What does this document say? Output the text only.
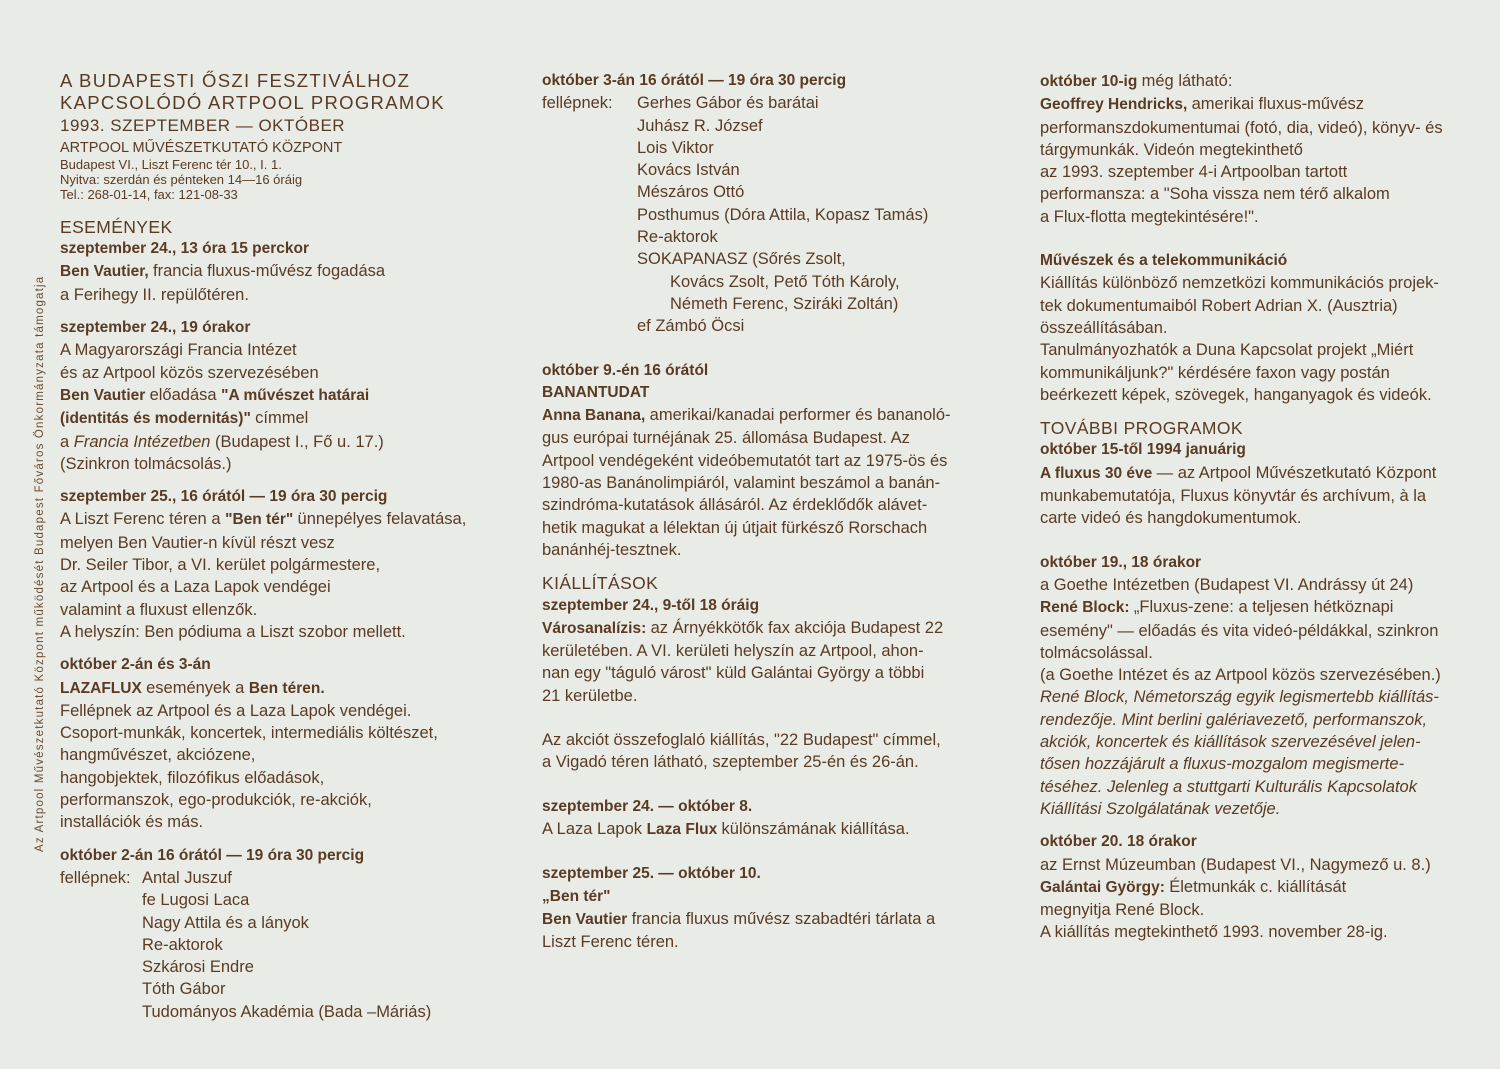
Az Artpool Művészetkutató Központ működését Budapest Főváros Önkormányzata támogatja
A BUDAPESTI ŐSZI FESZTIVÁLHOZ
KAPCSOLÓDÓ ARTPOOL PROGRAMOK
1993. SZEPTEMBER — OKTÓBER
ARTPOOL MŰVÉSZETKUTATÓ KÖZPONT
Budapest VI., Liszt Ferenc tér 10., I. 1.
Nyitva: szerdán és pénteken 14—16 óráig
Tel.: 268-01-14, fax: 121-08-33
ESEMÉNYEK
szeptember 24., 13 óra 15 perckor
Ben Vautier, francia fluxus-művész fogadása
a Ferihegy II. repülőtéren.
szeptember 24., 19 órakor
A Magyarországi Francia Intézet
és az Artpool közös szervezésében
Ben Vautier előadása "A művészet határai
(identitás és modernitás)" címmel
a Francia Intézetben (Budapest I., Fő u. 17.)
(Szinkron tolmácsolás.)
szeptember 25., 16 órától — 19 óra 30 percig
A Liszt Ferenc téren a "Ben tér" ünnepélyes felavatása,
melyen Ben Vautier-n kívül részt vesz
Dr. Seiler Tibor, a VI. kerület polgármestere,
az Artpool és a Laza Lapok vendégei
valamint a fluxust ellenzők.
A helyszín: Ben pódiuma a Liszt szobor mellett.
október 2-án és 3-án
LAZAFLUX események a Ben téren.
Fellépnek az Artpool és a Laza Lapok vendégei.
Csoport-munkák, koncertek, intermediális költészet,
hangművészet, akciózene,
hangobjektek, filozófikus előadások,
performanszok, ego-produkciók, re-akciók,
installációk és más.
október 2-án 16 órától — 19 óra 30 percig
fellépnek: Antal Juszuf
fe Lugosi Laca
Nagy Attila és a lányok
Re-aktorok
Szkárosi Endre
Tóth Gábor
Tudományos Akadémia (Bada –Máriás)
október 3-án 16 órától — 19 óra 30 percig
fellépnek: Gerhes Gábor és barátai
Juhász R. József
Lois Viktor
Kovács István
Mészáros Ottó
Posthumus (Dóra Attila, Kopasz Tamás)
Re-aktorok
SOKAPANASZ (Sőrés Zsolt,
Kovács Zsolt, Pető Tóth Károly,
Németh Ferenc, Sziráki Zoltán)
ef Zámbó Öcsi
október 9.-én 16 órától
BANANTUDAT
Anna Banana, amerikai/kanadai performer és bananoló-
gus európai turnéjának 25. állomása Budapest. Az
Artpool vendégeként videóbemutatót tart az 1975-ös és
1980-as Banánolimpiáról, valamint beszámol a banán-
szindróma-kutatások állásáról. Az érdeklődők alávet-
hetik magukat a lélektan új útjait fürkésző Rorschach
banánhéj-tesztnek.
KIÁLLÍTÁSOK
szeptember 24., 9-től 18 óráig
Városanalízis: az Árnyékkötők fax akciója Budapest 22
kerületében. A VI. kerületi helyszín az Artpool, ahon-
nan egy "táguló várost" küld Galántai György a többi
21 kerületbe.
Az akciót összefoglaló kiállítás, "22 Budapest" címmel,
a Vigadó téren látható, szeptember 25-én és 26-án.
szeptember 24. — október 8.
A Laza Lapok Laza Flux különszámának kiállítása.
szeptember 25. — október 10.
„Ben tér"
Ben Vautier francia fluxus művész szabadtéri tárlata a
Liszt Ferenc téren.
október 10-ig még látható:
Geoffrey Hendricks, amerikai fluxus-művész
performanszdokumentumai (fotó, dia, videó), könyv- és
tárgymunkák. Videón megtekinthető
az 1993. szeptember 4-i Artpoolban tartott
performansza: a "Soha vissza nem térő alkalom
a Flux-flotta megtekintésére!".
Művészek és a telekommunikáció
Kiállítás különböző nemzetközi kommunikációs projek-
tek dokumentumaiból Robert Adrian X. (Ausztria)
összeállításában.
Tanulmányozhatók a Duna Kapcsolat projekt „Miért
kommunikáljunk?" kérdésére faxon vagy postán
beérkezett képek, szövegek, hanganyagok és videók.
TOVÁBBI PROGRAMOK
október 15-től 1994 januárig
A fluxus 30 éve — az Artpool Művészetkutató Központ
munkabemutatója, Fluxus könyvtár és archívum, à la
carte videó és hangdokumentumok.
október 19., 18 órakor
a Goethe Intézetben (Budapest VI. Andrássy út 24)
René Block: „Fluxus-zene: a teljesen hétköznapi
esemény" — előadás és vita videó-példákkal, szinkron
tolmácsolással.
(a Goethe Intézet és az Artpool közös szervezésében.)
René Block, Németország egyik legismertebb kiállítás-
rendezője. Mint berlini galériavezető, performanszok,
akciók, koncertek és kiállítások szervezésével jelen-
tősen hozzájárult a fluxus-mozgalom megismerte-
téséhez. Jelenleg a stuttgarti Kulturális Kapcsolatok
Kiállítási Szolgálatának vezetője.
október 20. 18 órakor
az Ernst Múzeumban (Budapest VI., Nagymező u. 8.)
Galántai György: Életmunkák c. kiállítását
megnyitja René Block.
A kiállítás megtekinthető 1993. november 28-ig.
